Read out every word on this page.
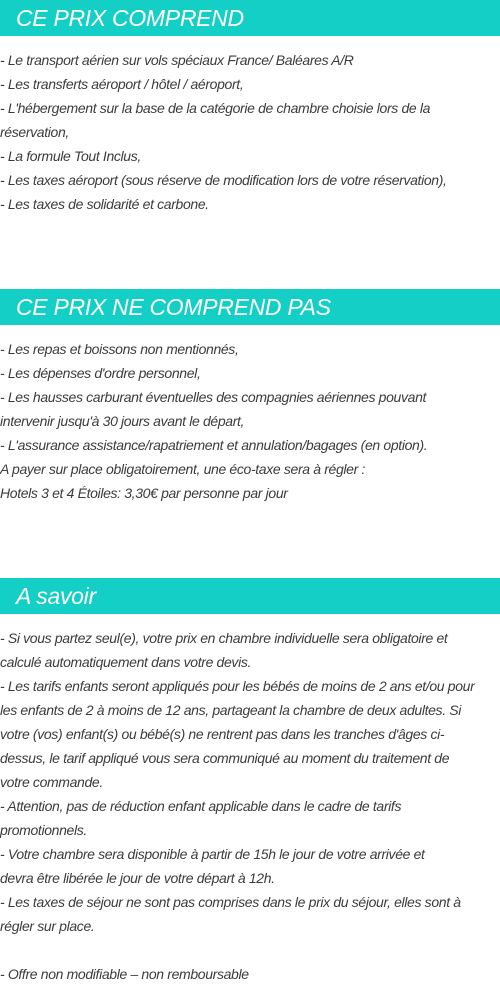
CE PRIX COMPREND
- Le transport aérien sur vols spéciaux France/ Baléares A/R
- Les transferts aéroport / hôtel / aéroport,
- L'hébergement sur la base de la catégorie de chambre choisie lors de la
réservation,
- La formule Tout Inclus,
- Les taxes aéroport (sous réserve de modification lors de votre réservation),
- Les taxes de solidarité et carbone.
CE PRIX NE COMPREND PAS
- Les repas et boissons non mentionnés,
- Les dépenses d'ordre personnel,
- Les hausses carburant éventuelles des compagnies aériennes pouvant
intervenir jusqu'à 30 jours avant le départ,
- L'assurance assistance/rapatriement et annulation/bagages (en option).
A payer sur place obligatoirement, une éco-taxe sera à régler :
Hotels 3 et 4 Étoiles: 3,30€ par personne par jour
A savoir
- Si vous partez seul(e), votre prix en chambre individuelle sera obligatoire et
calculé automatiquement dans votre devis.
- Les tarifs enfants seront appliqués pour les bébés de moins de 2 ans et/ou pour
les enfants de 2 à moins de 12 ans, partageant la chambre de deux adultes. Si
votre (vos) enfant(s) ou bébé(s) ne rentrent pas dans les tranches d'âges ci-
dessus, le tarif appliqué vous sera communiqué au moment du traitement de
votre commande.
- Attention, pas de réduction enfant applicable dans le cadre de tarifs
promotionnels.
- Votre chambre sera disponible à partir de 15h le jour de votre arrivée et
devra être libérée le jour de votre départ à 12h.
- Les taxes de séjour ne sont pas comprises dans le prix du séjour, elles sont à
régler sur place.
- Offre non modifiable – non remboursable
